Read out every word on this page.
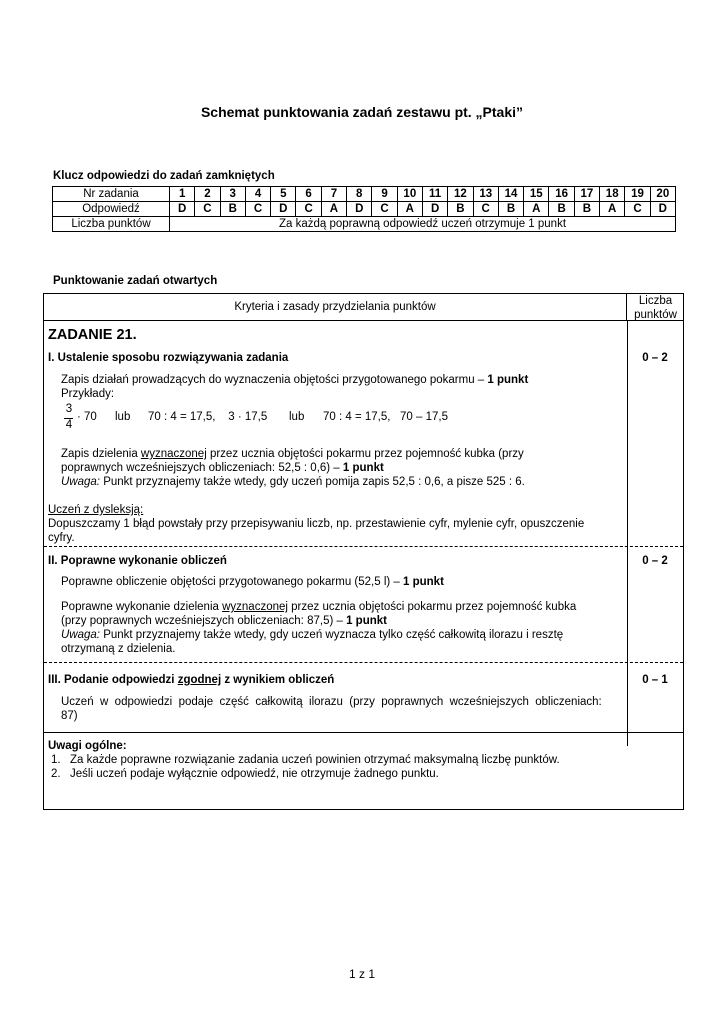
Schemat punktowania zadań zestawu pt. „Ptaki”
Klucz odpowiedzi do zadań zamkniętych
Nr zadania	1	2	3	4	5	6	7	8	9	10	11	12	13	14	15	16	17	18	19	20
Odpowiedź	D	C	B	C	D	C	A	D	C	A	D	B	C	B	A	B	B	A	C	D
Liczba punktów	Za każdą poprawną odpowiedź uczeń otrzymuje 1 punkt																			
Punktowanie zadań otwartych
Kryteria i zasady przydzielania punktów	Liczba
punktów
ZADANIE 21.
I. Ustalenie sposobu rozwiązywania zadania	0 – 2
Zapis działań prowadzących do wyznaczenia objętości przygotowanego pokarmu – 1 punkt
Przykłady:
3
4
· 70 lub 70 : 4 = 17,5,    3 · 17,5 lub 70 : 4 = 17,5,   70 – 17,5
Zapis dzielenia wyznaczonej przez ucznia objętości pokarmu przez pojemność kubka (przy
poprawnych wcześniejszych obliczeniach: 52,5 : 0,6) – 1 punkt
Uwaga: Punkt przyznajemy także wtedy, gdy uczeń pomija zapis 52,5 : 0,6, a pisze 525 : 6.
Uczeń z dysleksją:
Dopuszczamy 1 błąd powstały przy przepisywaniu liczb, np. przestawienie cyfr, mylenie cyfr, opuszczenie
cyfry.
II. Poprawne wykonanie obliczeń	0 – 2
Poprawne obliczenie objętości przygotowanego pokarmu (52,5 l) – 1 punkt
Poprawne wykonanie dzielenia wyznaczonej przez ucznia objętości pokarmu przez pojemność kubka
(przy poprawnych wcześniejszych obliczeniach: 87,5) – 1 punkt
Uwaga: Punkt przyznajemy także wtedy, gdy uczeń wyznacza tylko część całkowitą ilorazu i resztę
otrzymaną z dzielenia.
III. Podanie odpowiedzi zgodnej z wynikiem obliczeń	0 – 1
Uczeń  w  odpowiedzi  podaje  część  całkowitą  ilorazu  (przy  poprawnych  wcześniejszych  obliczeniach:
87)
Uwagi ogólne:
1. Za każde poprawne rozwiązanie zadania uczeń powinien otrzymać maksymalną liczbę punktów.
2. Jeśli uczeń podaje wyłącznie odpowiedź, nie otrzymuje żadnego punktu.
1 z 1
